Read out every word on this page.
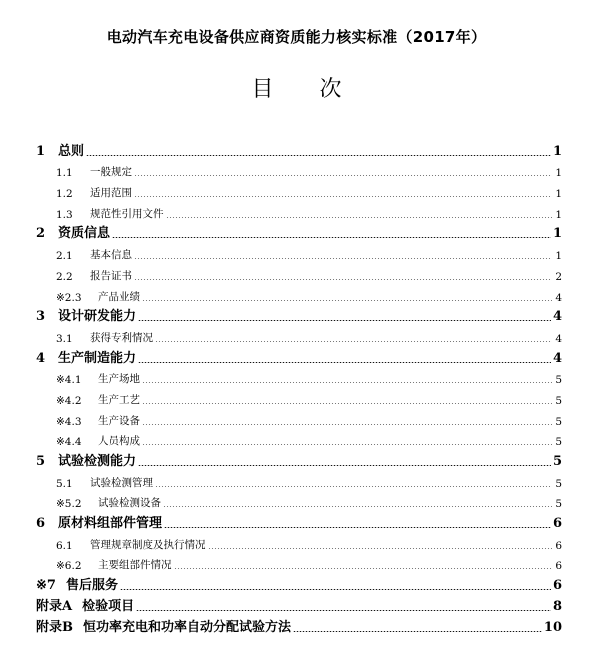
电动汽车充电设备供应商资质能力核实标准（2017年）
目次
1 总则	1
1.1	一般规定	1
1.2	适用范围	1
1.3	规范性引用文件	1
2 资质信息	1
2.1	基本信息	1
2.2	报告证书	2
※2.3	产品业绩	4
3 设计研发能力	4
3.1	获得专利情况	4
4 生产制造能力	4
※4.1	生产场地	5
※4.2	生产工艺	5
※4.3	生产设备	5
※4.4	人员构成	5
5 试验检测能力	5
5.1	试验检测管理	5
※5.2	试验检测设备	5
6 原材料组部件管理	6
6.1	管理规章制度及执行情况	6
※6.2	主要组部件情况	6
※7 售后服务	6
附录A 检验项目	8
附录B 恒功率充电和功率自动分配试验方法	10
